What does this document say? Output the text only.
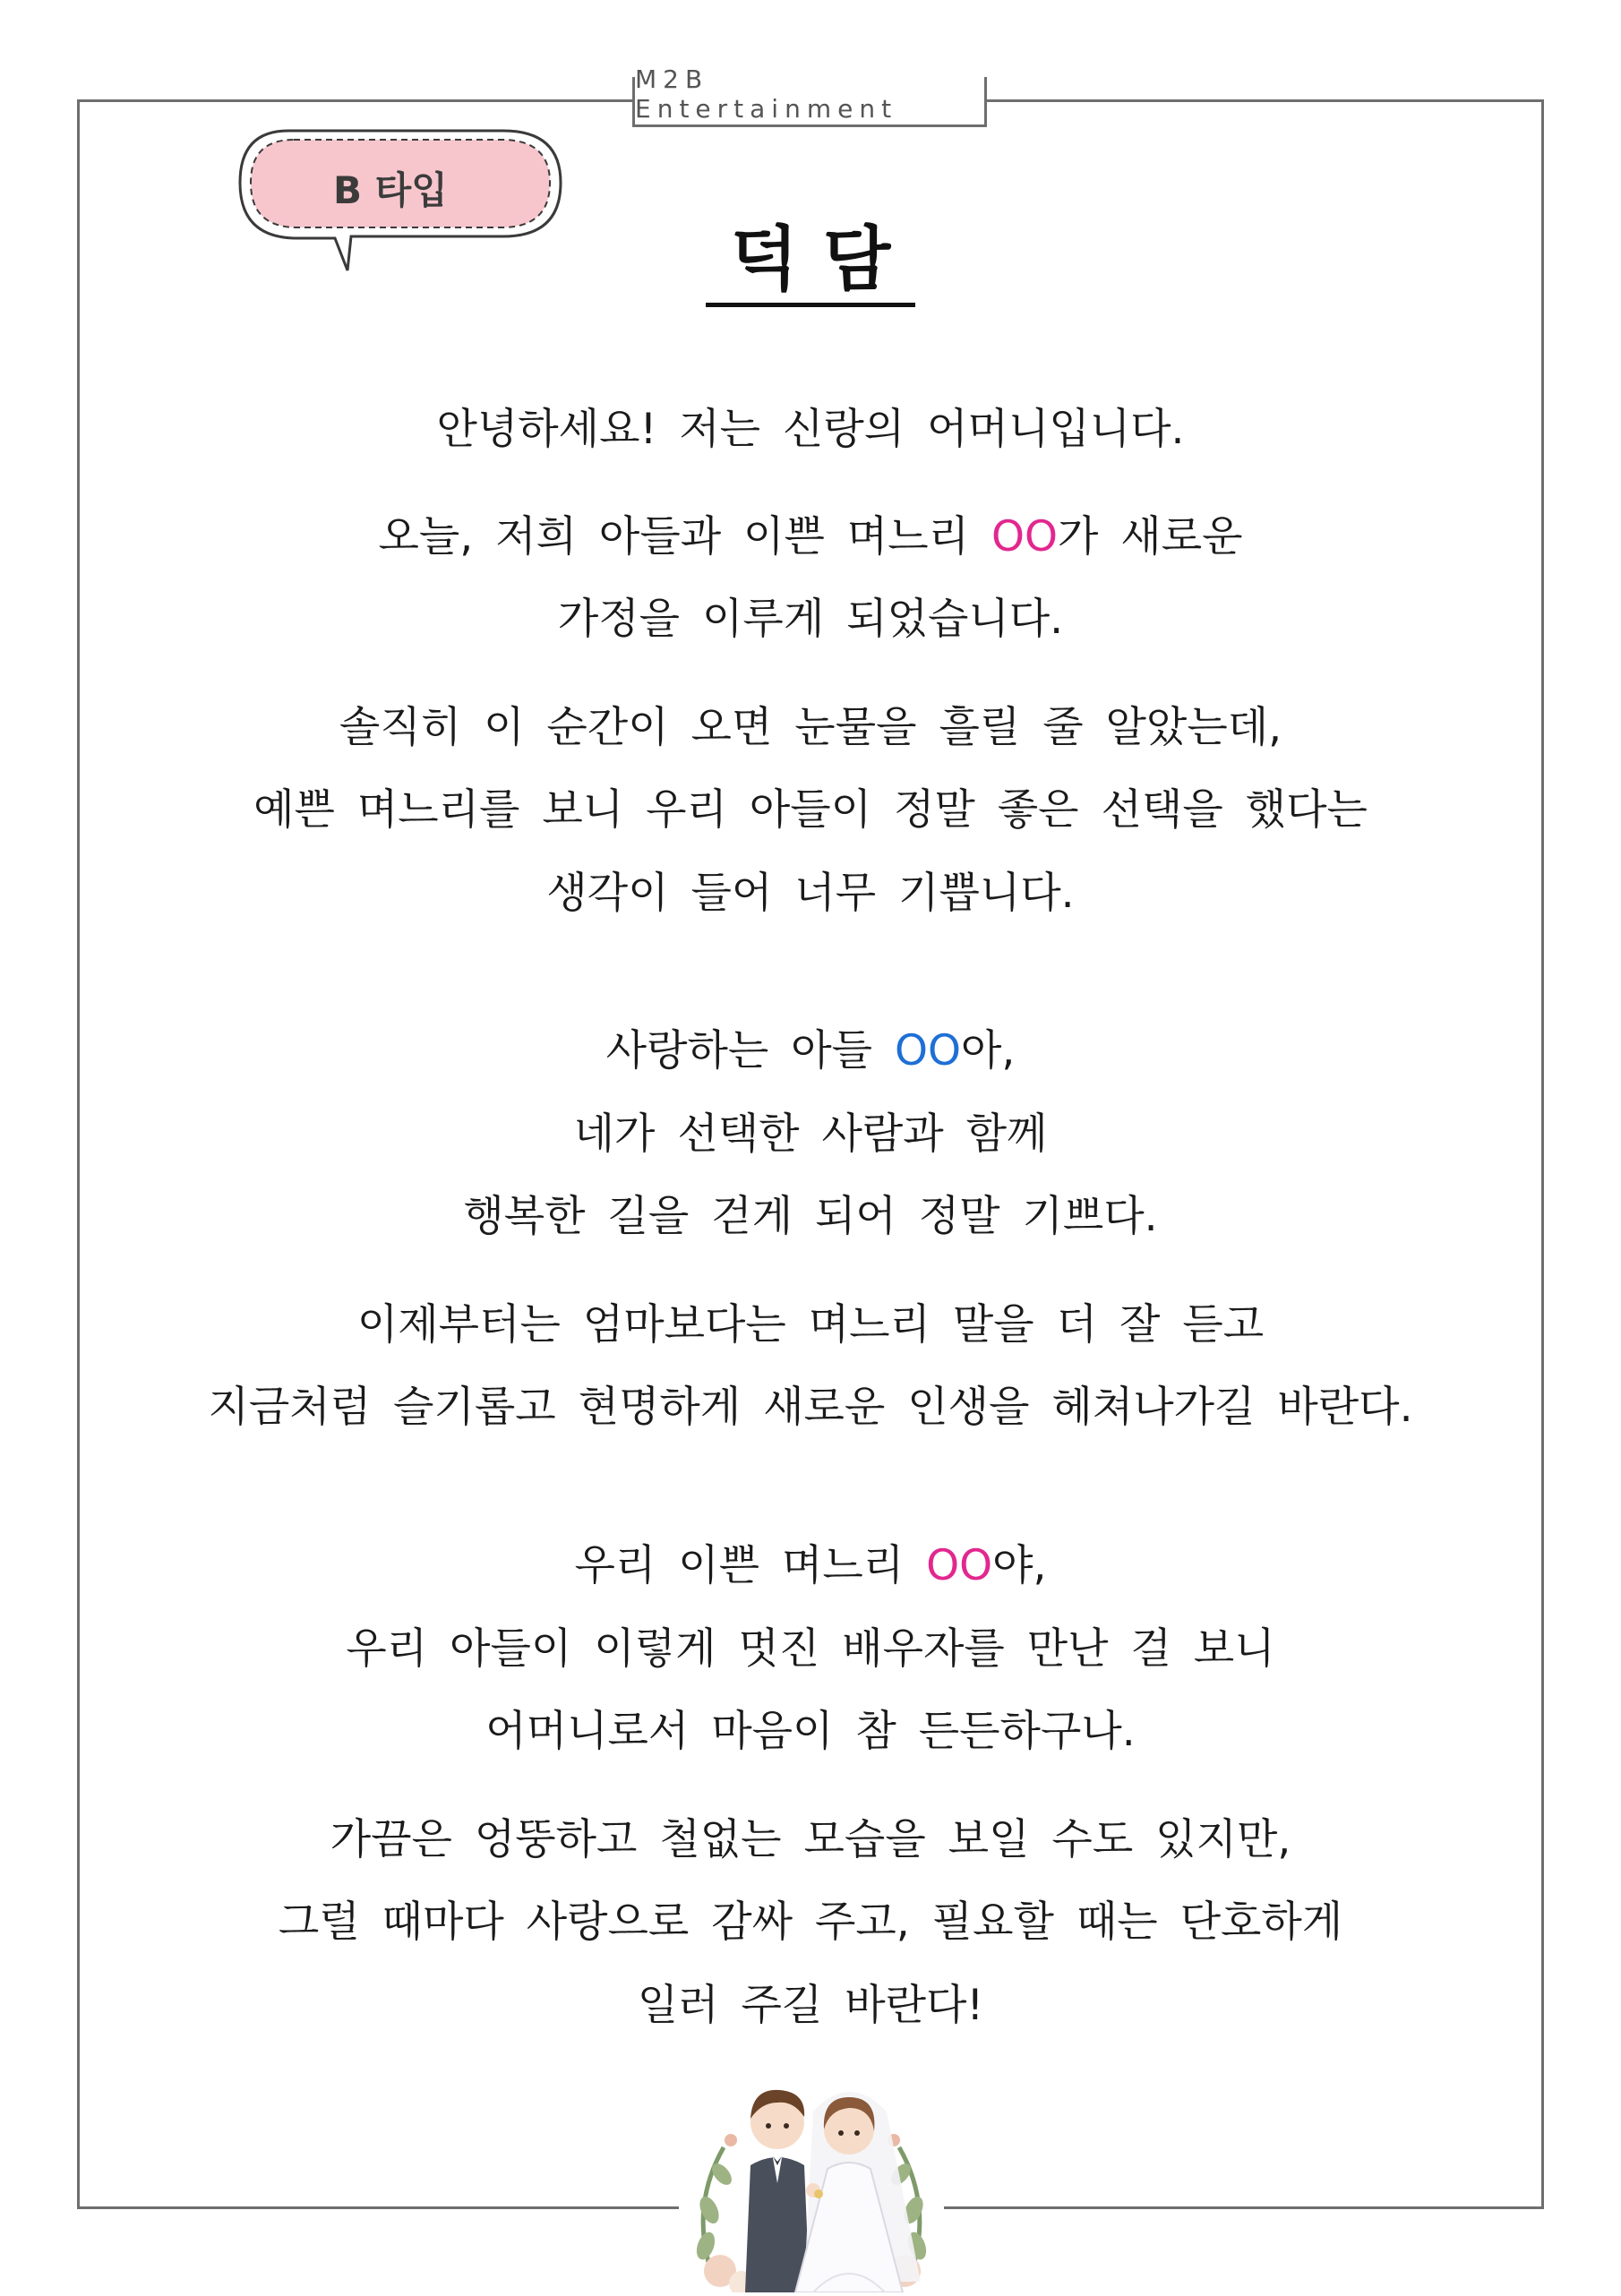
M2B Entertainment
B 타입
덕담
안녕하세요! 저는 신랑의 어머니입니다.
오늘, 저희 아들과 이쁜 며느리 OO가 새로운
가정을 이루게 되었습니다.
솔직히 이 순간이 오면 눈물을 흘릴 줄 알았는데,
예쁜 며느리를 보니 우리 아들이 정말 좋은 선택을 했다는
생각이 들어 너무 기쁩니다.
사랑하는 아들 OO아,
네가 선택한 사람과 함께
행복한 길을 걷게 되어 정말 기쁘다.
이제부터는 엄마보다는 며느리 말을 더 잘 듣고
지금처럼 슬기롭고 현명하게 새로운 인생을 헤쳐나가길 바란다.
우리 이쁜 며느리 OO야,
우리 아들이 이렇게 멋진 배우자를 만난 걸 보니
어머니로서 마음이 참 든든하구나.
가끔은 엉뚱하고 철없는 모습을 보일 수도 있지만,
그럴 때마다 사랑으로 감싸 주고, 필요할 때는 단호하게
일러 주길 바란다!
